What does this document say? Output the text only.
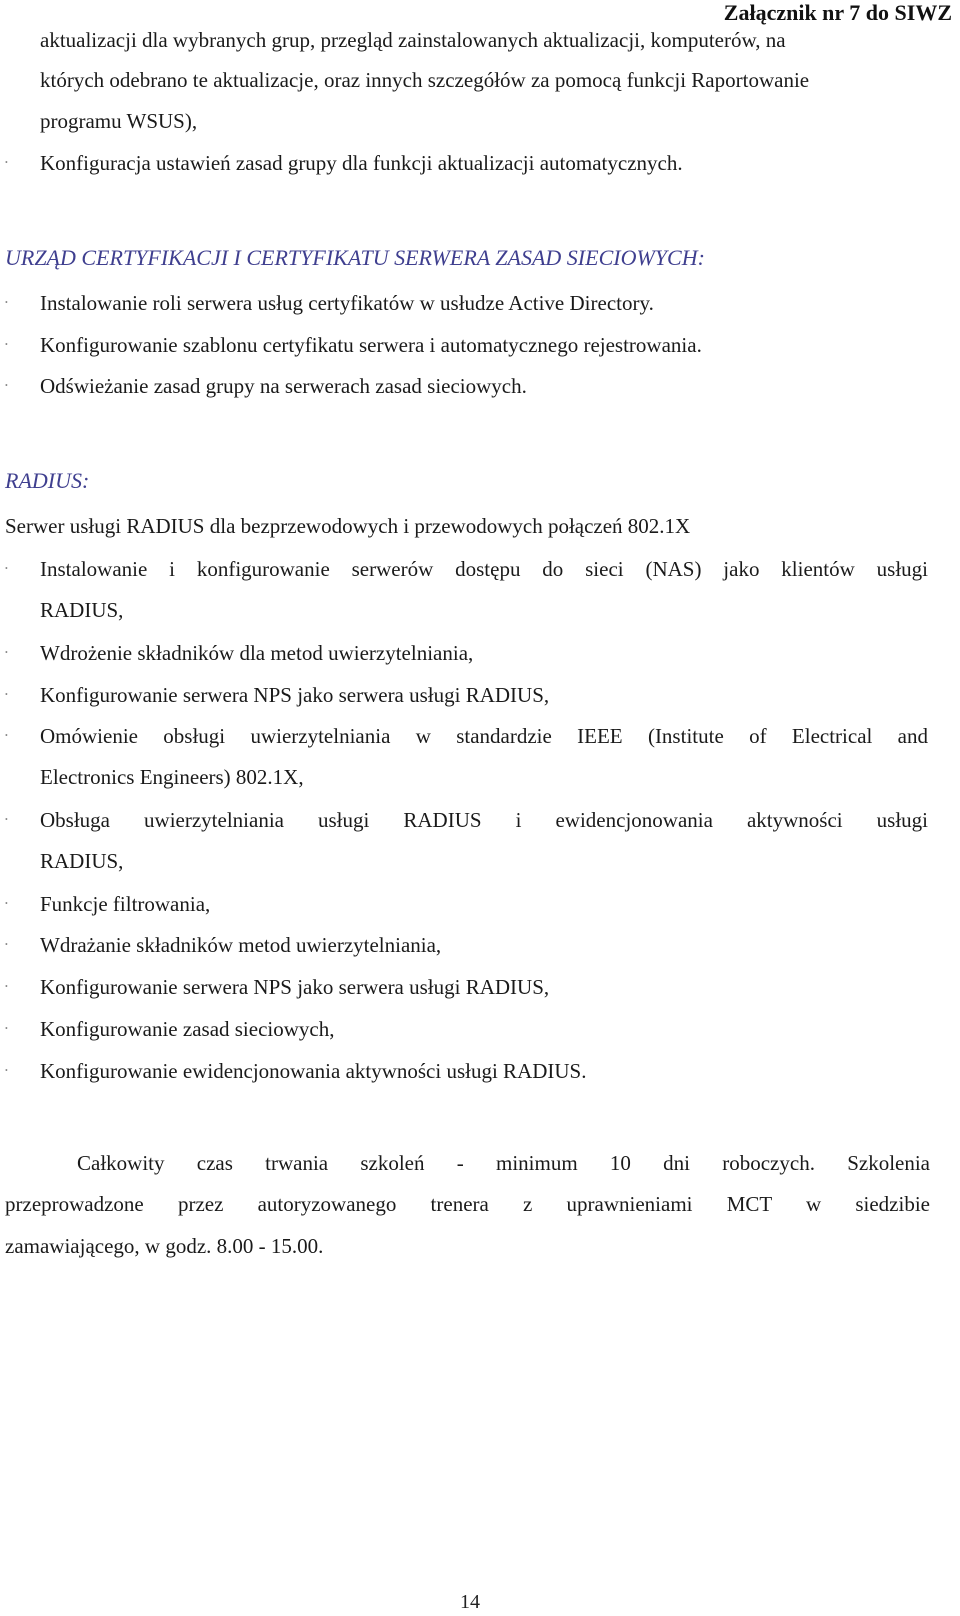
Załącznik nr 7 do SIWZ
aktualizacji dla wybranych grup, przegląd zainstalowanych aktualizacji, komputerów, na
których odebrano te aktualizacje, oraz innych szczegółów za pomocą funkcji Raportowanie
programu WSUS),
• Konfiguracja ustawień zasad grupy dla funkcji aktualizacji automatycznych.
URZĄD CERTYFIKACJI I CERTYFIKATU SERWERA ZASAD SIECIOWYCH:
• Instalowanie roli serwera usług certyfikatów w usłudze Active Directory.
• Konfigurowanie szablonu certyfikatu serwera i automatycznego rejestrowania.
• Odświeżanie zasad grupy na serwerach zasad sieciowych.
RADIUS:
Serwer usługi RADIUS dla bezprzewodowych i przewodowych połączeń 802.1X
• Instalowanie i konfigurowanie serwerów dostępu do sieci (NAS) jako klientów usługi
RADIUS,
• Wdrożenie składników dla metod uwierzytelniania,
• Konfigurowanie serwera NPS jako serwera usługi RADIUS,
• Omówienie obsługi uwierzytelniania w standardzie IEEE (Institute of Electrical and
Electronics Engineers) 802.1X,
• Obsługa uwierzytelniania usługi RADIUS i ewidencjonowania aktywności usługi
RADIUS,
• Funkcje filtrowania,
• Wdrażanie składników metod uwierzytelniania,
• Konfigurowanie serwera NPS jako serwera usługi RADIUS,
• Konfigurowanie zasad sieciowych,
• Konfigurowanie ewidencjonowania aktywności usługi RADIUS.
Całkowity czas trwania szkoleń - minimum 10 dni roboczych. Szkolenia
przeprowadzone przez autoryzowanego trenera z uprawnieniami MCT w siedzibie
zamawiającego, w godz. 8.00 - 15.00.
14
